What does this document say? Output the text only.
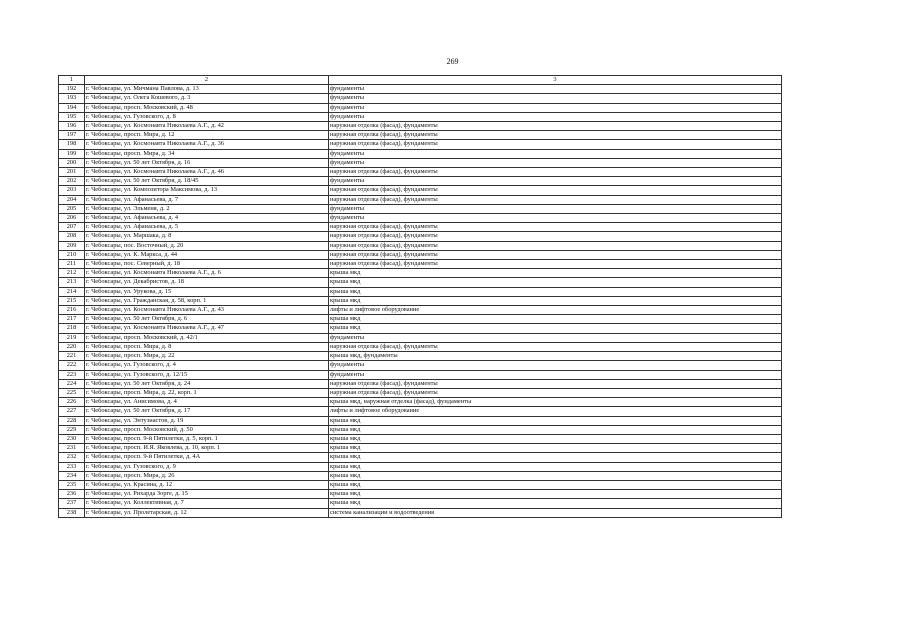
269
1	2	3
192	г. Чебоксары, ул. Мичмана Павлова, д. 13	фундаменты
193	г. Чебоксары, ул. Олега Кошевого, д. 3	фундаменты
194	г. Чебоксары, просп. Московский, д. 48	фундаменты
195	г. Чебоксары, ул. Гузовского, д. 8	фундаменты
196	г. Чебоксары, ул. Космонавта Николаева А.Г., д. 42	наружная отделка (фасад), фундаменты
197	г. Чебоксары, просп. Мира, д. 12	наружная отделка (фасад), фундаменты
198	г. Чебоксары, ул. Космонавта Николаева А.Г., д. 36	наружная отделка (фасад), фундаменты
199	г. Чебоксары, просп. Мира, д. 34	фундаменты
200	г. Чебоксары, ул. 50 лет Октября, д. 16	фундаменты
201	г. Чебоксары, ул. Космонавта Николаева А.Г., д. 46	наружная отделка (фасад), фундаменты
202	г. Чебоксары, ул. 50 лет Октября, д. 18/45	фундаменты
203	г. Чебоксары, ул. Композитора Максимова, д. 13	наружная отделка (фасад), фундаменты
204	г. Чебоксары, ул. Афанасьева, д. 7	наружная отделка (фасад), фундаменты
205	г. Чебоксары, ул. Эльменя, д. 2	фундаменты
206	г. Чебоксары, ул. Афанасьева, д. 4	фундаменты
207	г. Чебоксары, ул. Афанасьева, д. 5	наружная отделка (фасад), фундаменты
208	г. Чебоксары, ул. Маршака, д. 8	наружная отделка (фасад), фундаменты
209	г. Чебоксары, пос. Восточный, д. 20	наружная отделка (фасад), фундаменты
210	г. Чебоксары, ул. К. Маркса, д. 44	наружная отделка (фасад), фундаменты
211	г. Чебоксары, пос. Северный, д. 18	наружная отделка (фасад), фундаменты
212	г. Чебоксары, ул. Космонавта Николаева А.Г., д. 6	крыша мкд
213	г. Чебоксары, ул. Декабристов, д. 18	крыша мкд
214	г. Чебоксары, ул. Урукова, д. 15	крыша мкд
215	г. Чебоксары, ул. Гражданская, д. 58, корп. 1	крыша мкд
216	г. Чебоксары, ул. Космонавта Николаева А.Г., д. 43	лифты и лифтовое оборудование
217	г. Чебоксары, ул. 50 лет Октября, д. 6	крыша мкд
218	г. Чебоксары, ул. Космонавта Николаева А.Г., д. 47	крыша мкд
219	г. Чебоксары, просп. Московский, д. 42/1	фундаменты
220	г. Чебоксары, просп. Мира, д. 8	наружная отделка (фасад), фундаменты
221	г. Чебоксары, просп. Мира, д. 22	крыша мкд, фундаменты
222	г. Чебоксары, ул. Гузовского, д. 4	фундаменты
223	г. Чебоксары, ул. Гузовского, д. 12/15	фундаменты
224	г. Чебоксары, ул. 50 лет Октября, д. 24	наружная отделка (фасад), фундаменты
225	г. Чебоксары, просп. Мира, д. 22, корп. 1	наружная отделка (фасад), фундаменты
226	г. Чебоксары, ул. Анисимова, д. 4	крыша мкд, наружная отделка (фасад), фундаменты
227	г. Чебоксары, ул. 50 лет Октября, д. 17	лифты и лифтовое оборудование
228	г. Чебоксары, ул. Энтузиастов, д. 19	крыша мкд
229	г. Чебоксары, просп. Московский, д. 50	крыша мкд
230	г. Чебоксары, просп. 9-й Пятилетки, д. 5, корп. 1	крыша мкд
231	г. Чебоксары, просп. И.Я. Яковлева, д. 10, корп. 1	крыша мкд
232	г. Чебоксары, просп. 9-й Пятилетки, д. 4А	крыша мкд
233	г. Чебоксары, ул. Гузовского, д. 9	крыша мкд
234	г. Чебоксары, просп. Мира, д. 26	крыша мкд
235	г. Чебоксары, ул. Красина, д. 12	крыша мкд
236	г. Чебоксары, ул. Рихарда Зорге, д. 15	крыша мкд
237	г. Чебоксары, ул. Коллективная, д. 7	крыша мкд
238	г. Чебоксары, ул. Пролетарская, д. 12	система канализации и водоотведения
